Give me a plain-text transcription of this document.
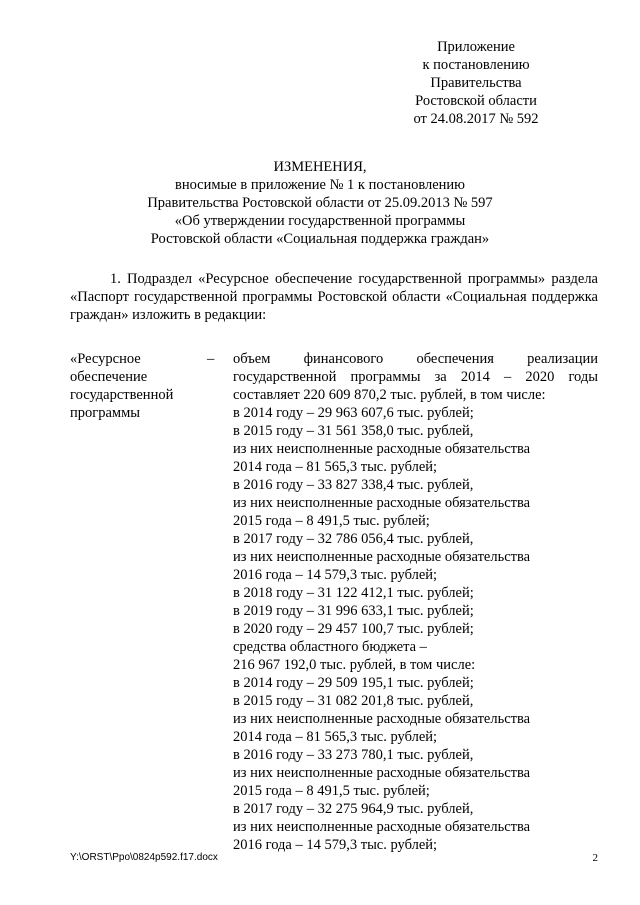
Приложение
к постановлению
Правительства
Ростовской области
от 24.08.2017 № 592
ИЗМЕНЕНИЯ,
вносимые в приложение № 1 к постановлению
Правительства Ростовской области от 25.09.2013 № 597
«Об утверждении государственной программы
Ростовской области «Социальная поддержка граждан»
1. Подраздел «Ресурсное обеспечение государственной программы» раздела «Паспорт государственной программы Ростовской области «Социальная поддержка граждан» изложить в редакции:
«Ресурсное
обеспечение
государственной
программы
– объем финансового обеспечения реализации
государственной программы за 2014 – 2020 годы
составляет 220 609 870,2 тыс. рублей, в том числе:
в 2014 году – 29 963 607,6 тыс. рублей;
в 2015 году – 31 561 358,0 тыс. рублей,
из них неисполненные расходные обязательства
2014 года – 81 565,3 тыс. рублей;
в 2016 году – 33 827 338,4 тыс. рублей,
из них неисполненные расходные обязательства
2015 года – 8 491,5 тыс. рублей;
в 2017 году – 32 786 056,4 тыс. рублей,
из них неисполненные расходные обязательства
2016 года – 14 579,3 тыс. рублей;
в 2018 году – 31 122 412,1 тыс. рублей;
в 2019 году – 31 996 633,1 тыс. рублей;
в 2020 году – 29 457 100,7 тыс. рублей;
средства областного бюджета –
216 967 192,0 тыс. рублей, в том числе:
в 2014 году – 29 509 195,1 тыс. рублей;
в 2015 году – 31 082 201,8 тыс. рублей,
из них неисполненные расходные обязательства
2014 года – 81 565,3 тыс. рублей;
в 2016 году – 33 273 780,1 тыс. рублей,
из них неисполненные расходные обязательства
2015 года – 8 491,5 тыс. рублей;
в 2017 году – 32 275 964,9 тыс. рублей,
из них неисполненные расходные обязательства
2016 года – 14 579,3 тыс. рублей;
Y:\ORST\Ppo\0824p592.f17.docx	2
